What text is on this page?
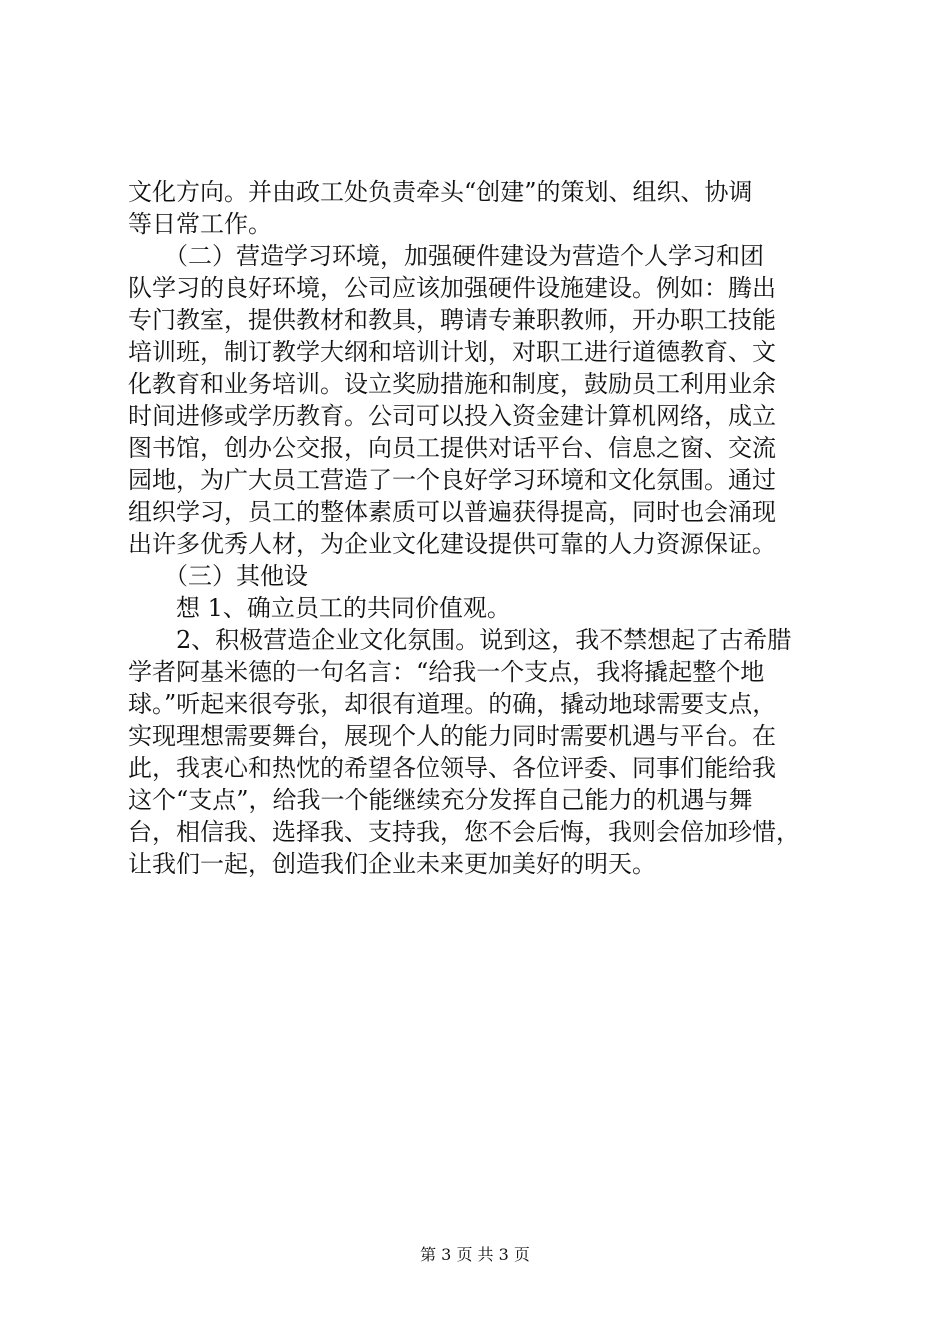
文化方向。并由政工处负责牵头“创建”的策划、组织、协调
等日常工作。
　　（二）营造学习环境，加强硬件建设为营造个人学习和团
队学习的良好环境，公司应该加强硬件设施建设。例如：腾出
专门教室，提供教材和教具，聘请专兼职教师，开办职工技能
培训班，制订教学大纲和培训计划，对职工进行道德教育、文
化教育和业务培训。设立奖励措施和制度，鼓励员工利用业余
时间进修或学历教育。公司可以投入资金建计算机网络，成立
图书馆，创办公交报，向员工提供对话平台、信息之窗、交流
园地，为广大员工营造了一个良好学习环境和文化氛围。通过
组织学习，员工的整体素质可以普遍获得提高，同时也会涌现
出许多优秀人材，为企业文化建设提供可靠的人力资源保证。
　　（三）其他设
　　想 1、确立员工的共同价值观。
　　2、积极营造企业文化氛围。说到这，我不禁想起了古希腊
学者阿基米德的一句名言：“给我一个支点，我将撬起整个地
球。”听起来很夸张，却很有道理。的确，撬动地球需要支点，
实现理想需要舞台，展现个人的能力同时需要机遇与平台。在
此，我衷心和热忱的希望各位领导、各位评委、同事们能给我
这个“支点”，给我一个能继续充分发挥自己能力的机遇与舞
台，相信我、选择我、支持我，您不会后悔，我则会倍加珍惜，
让我们一起，创造我们企业未来更加美好的明天。
第 3 页 共 3 页
